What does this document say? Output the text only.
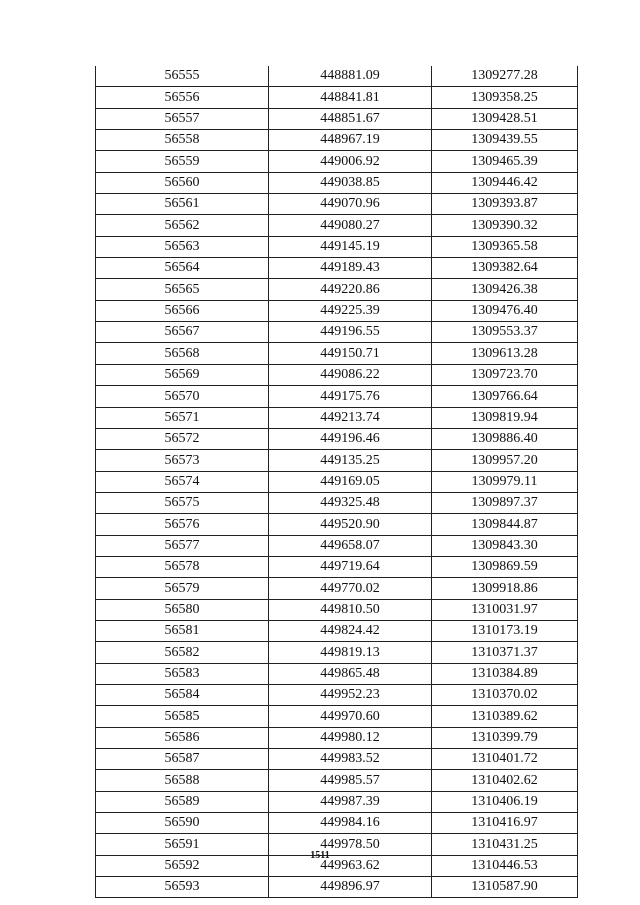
56555	448881.09	1309277.28
56556	448841.81	1309358.25
56557	448851.67	1309428.51
56558	448967.19	1309439.55
56559	449006.92	1309465.39
56560	449038.85	1309446.42
56561	449070.96	1309393.87
56562	449080.27	1309390.32
56563	449145.19	1309365.58
56564	449189.43	1309382.64
56565	449220.86	1309426.38
56566	449225.39	1309476.40
56567	449196.55	1309553.37
56568	449150.71	1309613.28
56569	449086.22	1309723.70
56570	449175.76	1309766.64
56571	449213.74	1309819.94
56572	449196.46	1309886.40
56573	449135.25	1309957.20
56574	449169.05	1309979.11
56575	449325.48	1309897.37
56576	449520.90	1309844.87
56577	449658.07	1309843.30
56578	449719.64	1309869.59
56579	449770.02	1309918.86
56580	449810.50	1310031.97
56581	449824.42	1310173.19
56582	449819.13	1310371.37
56583	449865.48	1310384.89
56584	449952.23	1310370.02
56585	449970.60	1310389.62
56586	449980.12	1310399.79
56587	449983.52	1310401.72
56588	449985.57	1310402.62
56589	449987.39	1310406.19
56590	449984.16	1310416.97
56591	449978.50	1310431.25
56592	449963.62	1310446.53
56593	449896.97	1310587.90
1511
